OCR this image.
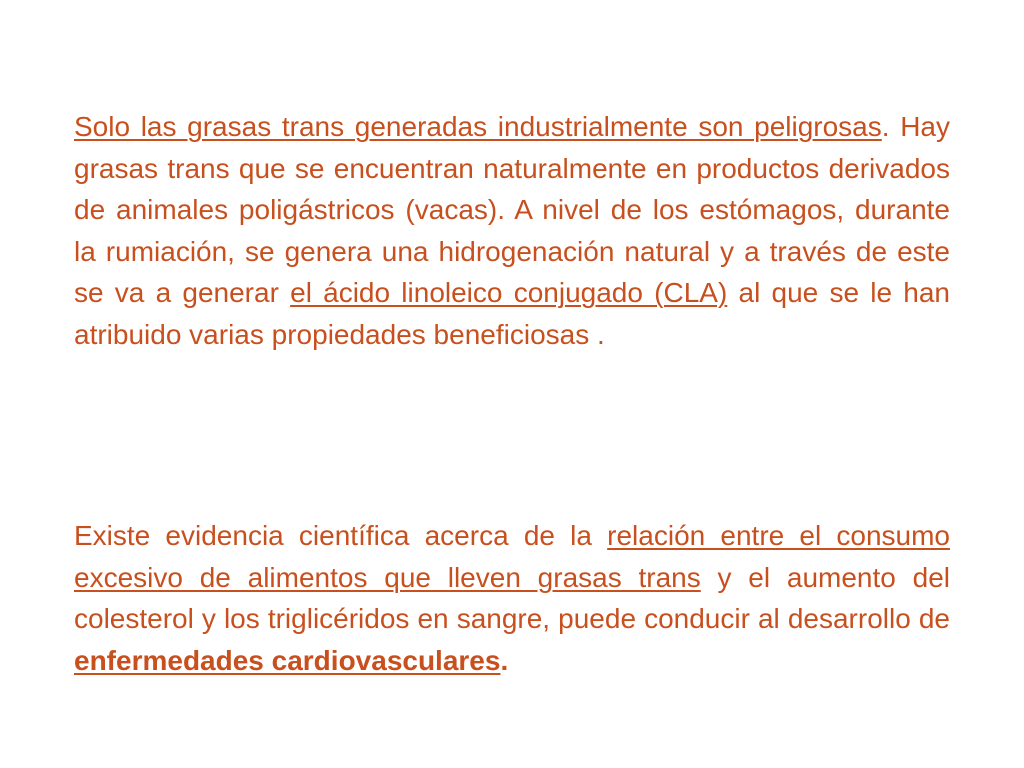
Solo las grasas trans generadas industrialmente son peligrosas. Hay grasas trans que se encuentran naturalmente en productos derivados de animales poligástricos (vacas). A nivel de los estómagos, durante la rumiación, se genera una hidrogenación natural y a través de este se va a generar el ácido linoleico conjugado (CLA) al que se le han atribuido varias propiedades beneficiosas .

Existe evidencia científica acerca de la relación entre el consumo excesivo de alimentos que lleven grasas trans y el aumento del colesterol y los triglicéridos en sangre, puede conducir al desarrollo de enfermedades cardiovasculares.
